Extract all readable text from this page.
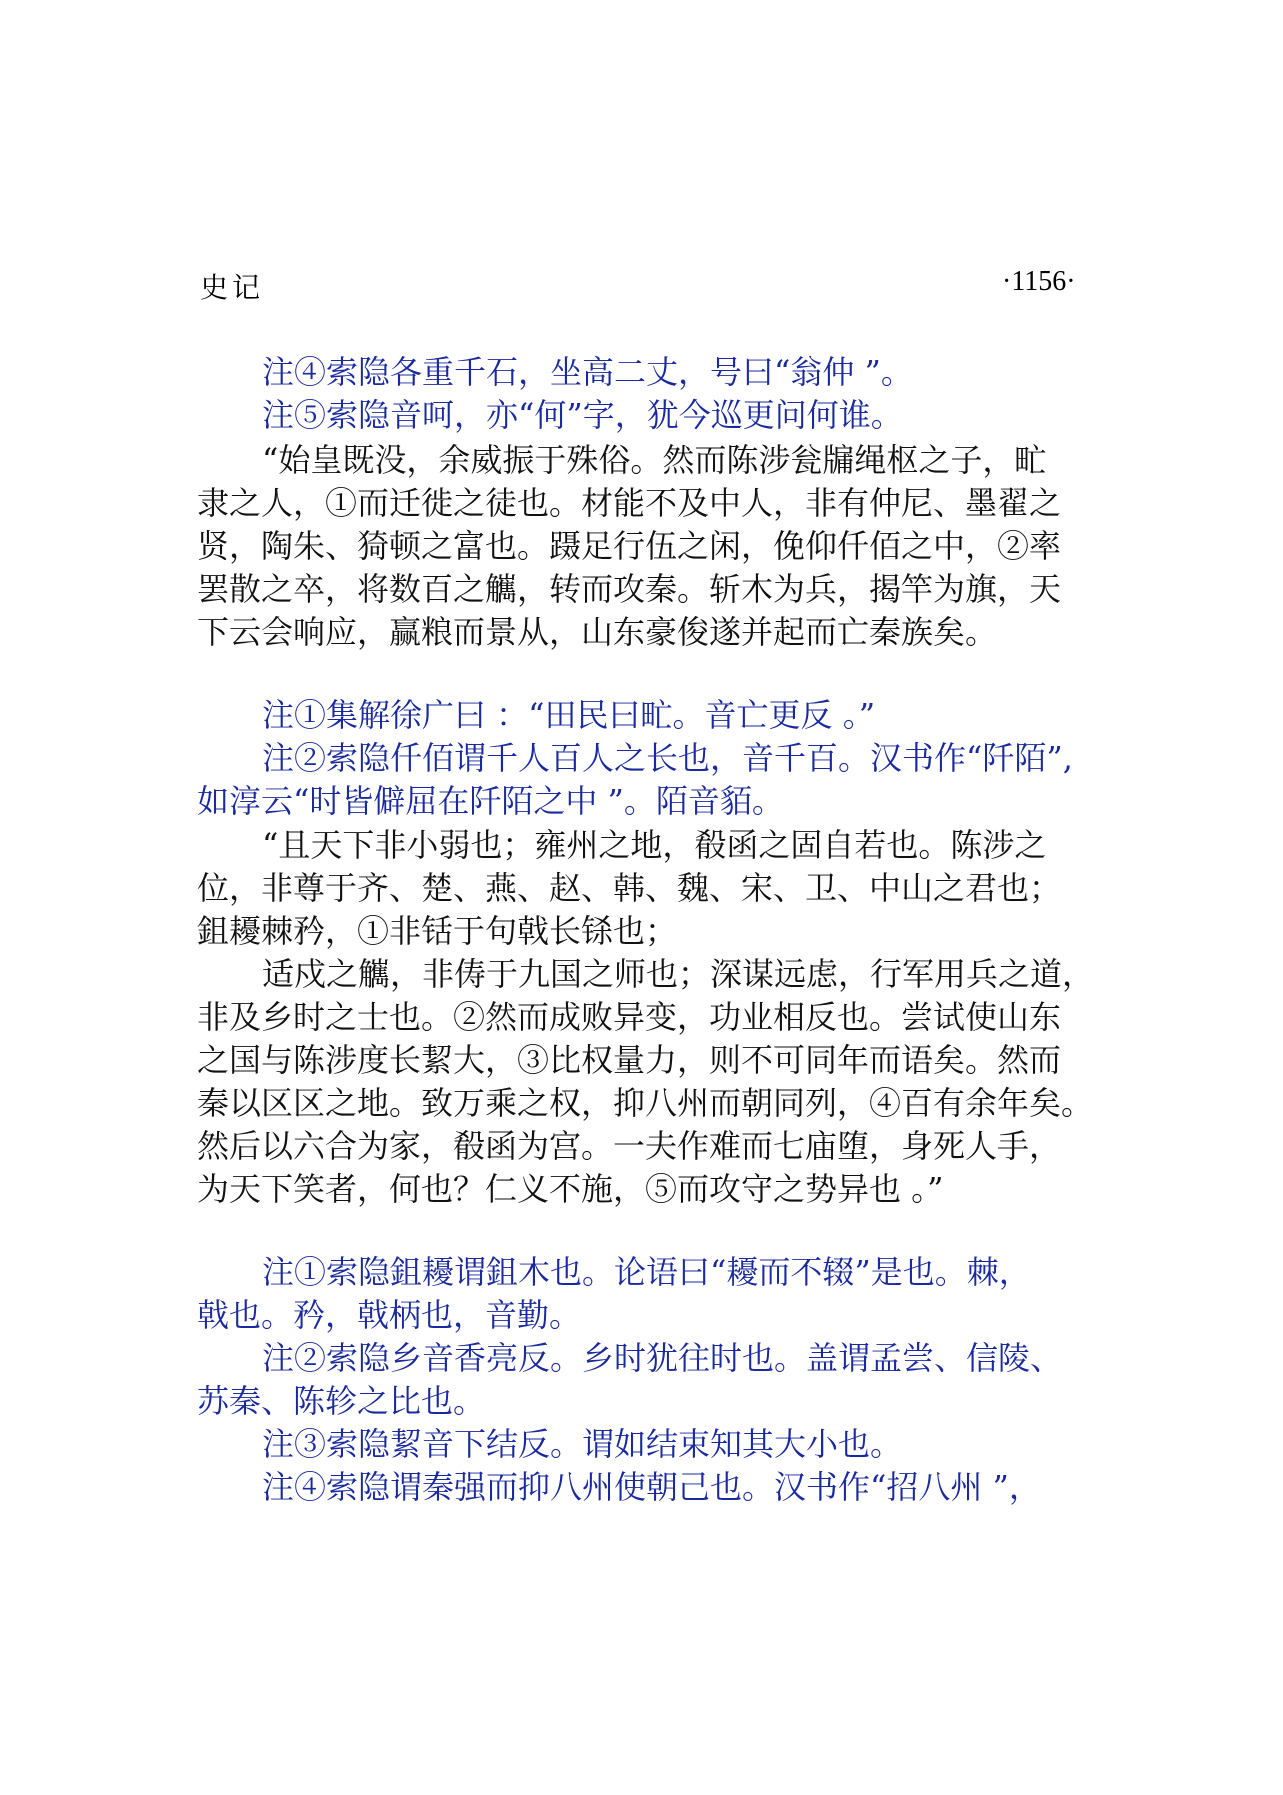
史记	·1156·
注④索隐各重千石，坐高二丈，号曰“翁仲 ”。
注⑤索隐音呵，亦“何”字，犹今巡更问何谁。
“始皇既没，余威振于殊俗。然而陈涉瓮牖绳枢之子，甿
隶之人，①而迁徙之徒也。材能不及中人，非有仲尼、墨翟之
贤，陶朱、猗顿之富也。蹑足行伍之闲，俛仰仟佰之中，②率
罢散之卒，将数百之觽，转而攻秦。斩木为兵，揭竿为旗，天
下云会响应，赢粮而景从，山东豪俊遂并起而亡秦族矣。
注①集解徐广曰 ：“田民曰甿。音亡更反 。”
注②索隐仟佰谓千人百人之长也，音千百。汉书作“阡陌”,
如淳云“时皆僻屈在阡陌之中 ”。陌音貊。
“且天下非小弱也；雍州之地，殽函之固自若也。陈涉之
位，非尊于齐、楚、燕、赵、韩、魏、宋、卫、中山之君也；
鉏耰棘矜，①非铦于句戟长铩也；
适戍之觽，非俦于九国之师也；深谋远虑，行军用兵之道，
非及乡时之士也。②然而成败异变，功业相反也。尝试使山东
之国与陈涉度长絜大，③比权量力，则不可同年而语矣。然而
秦以区区之地。致万乘之权，抑八州而朝同列，④百有余年矣。
然后以六合为家，殽函为宫。一夫作难而七庙堕，身死人手，
为天下笑者，何也？仁义不施，⑤而攻守之势异也 。”
注①索隐鉏耰谓鉏木也。论语曰“耰而不辍”是也。棘，
戟也。矜，戟柄也，音勤。
注②索隐乡音香亮反。乡时犹往时也。盖谓孟尝、信陵、
苏秦、陈轸之比也。
注③索隐絜音下结反。谓如结束知其大小也。
注④索隐谓秦强而抑八州使朝己也。汉书作“招八州 ”，
